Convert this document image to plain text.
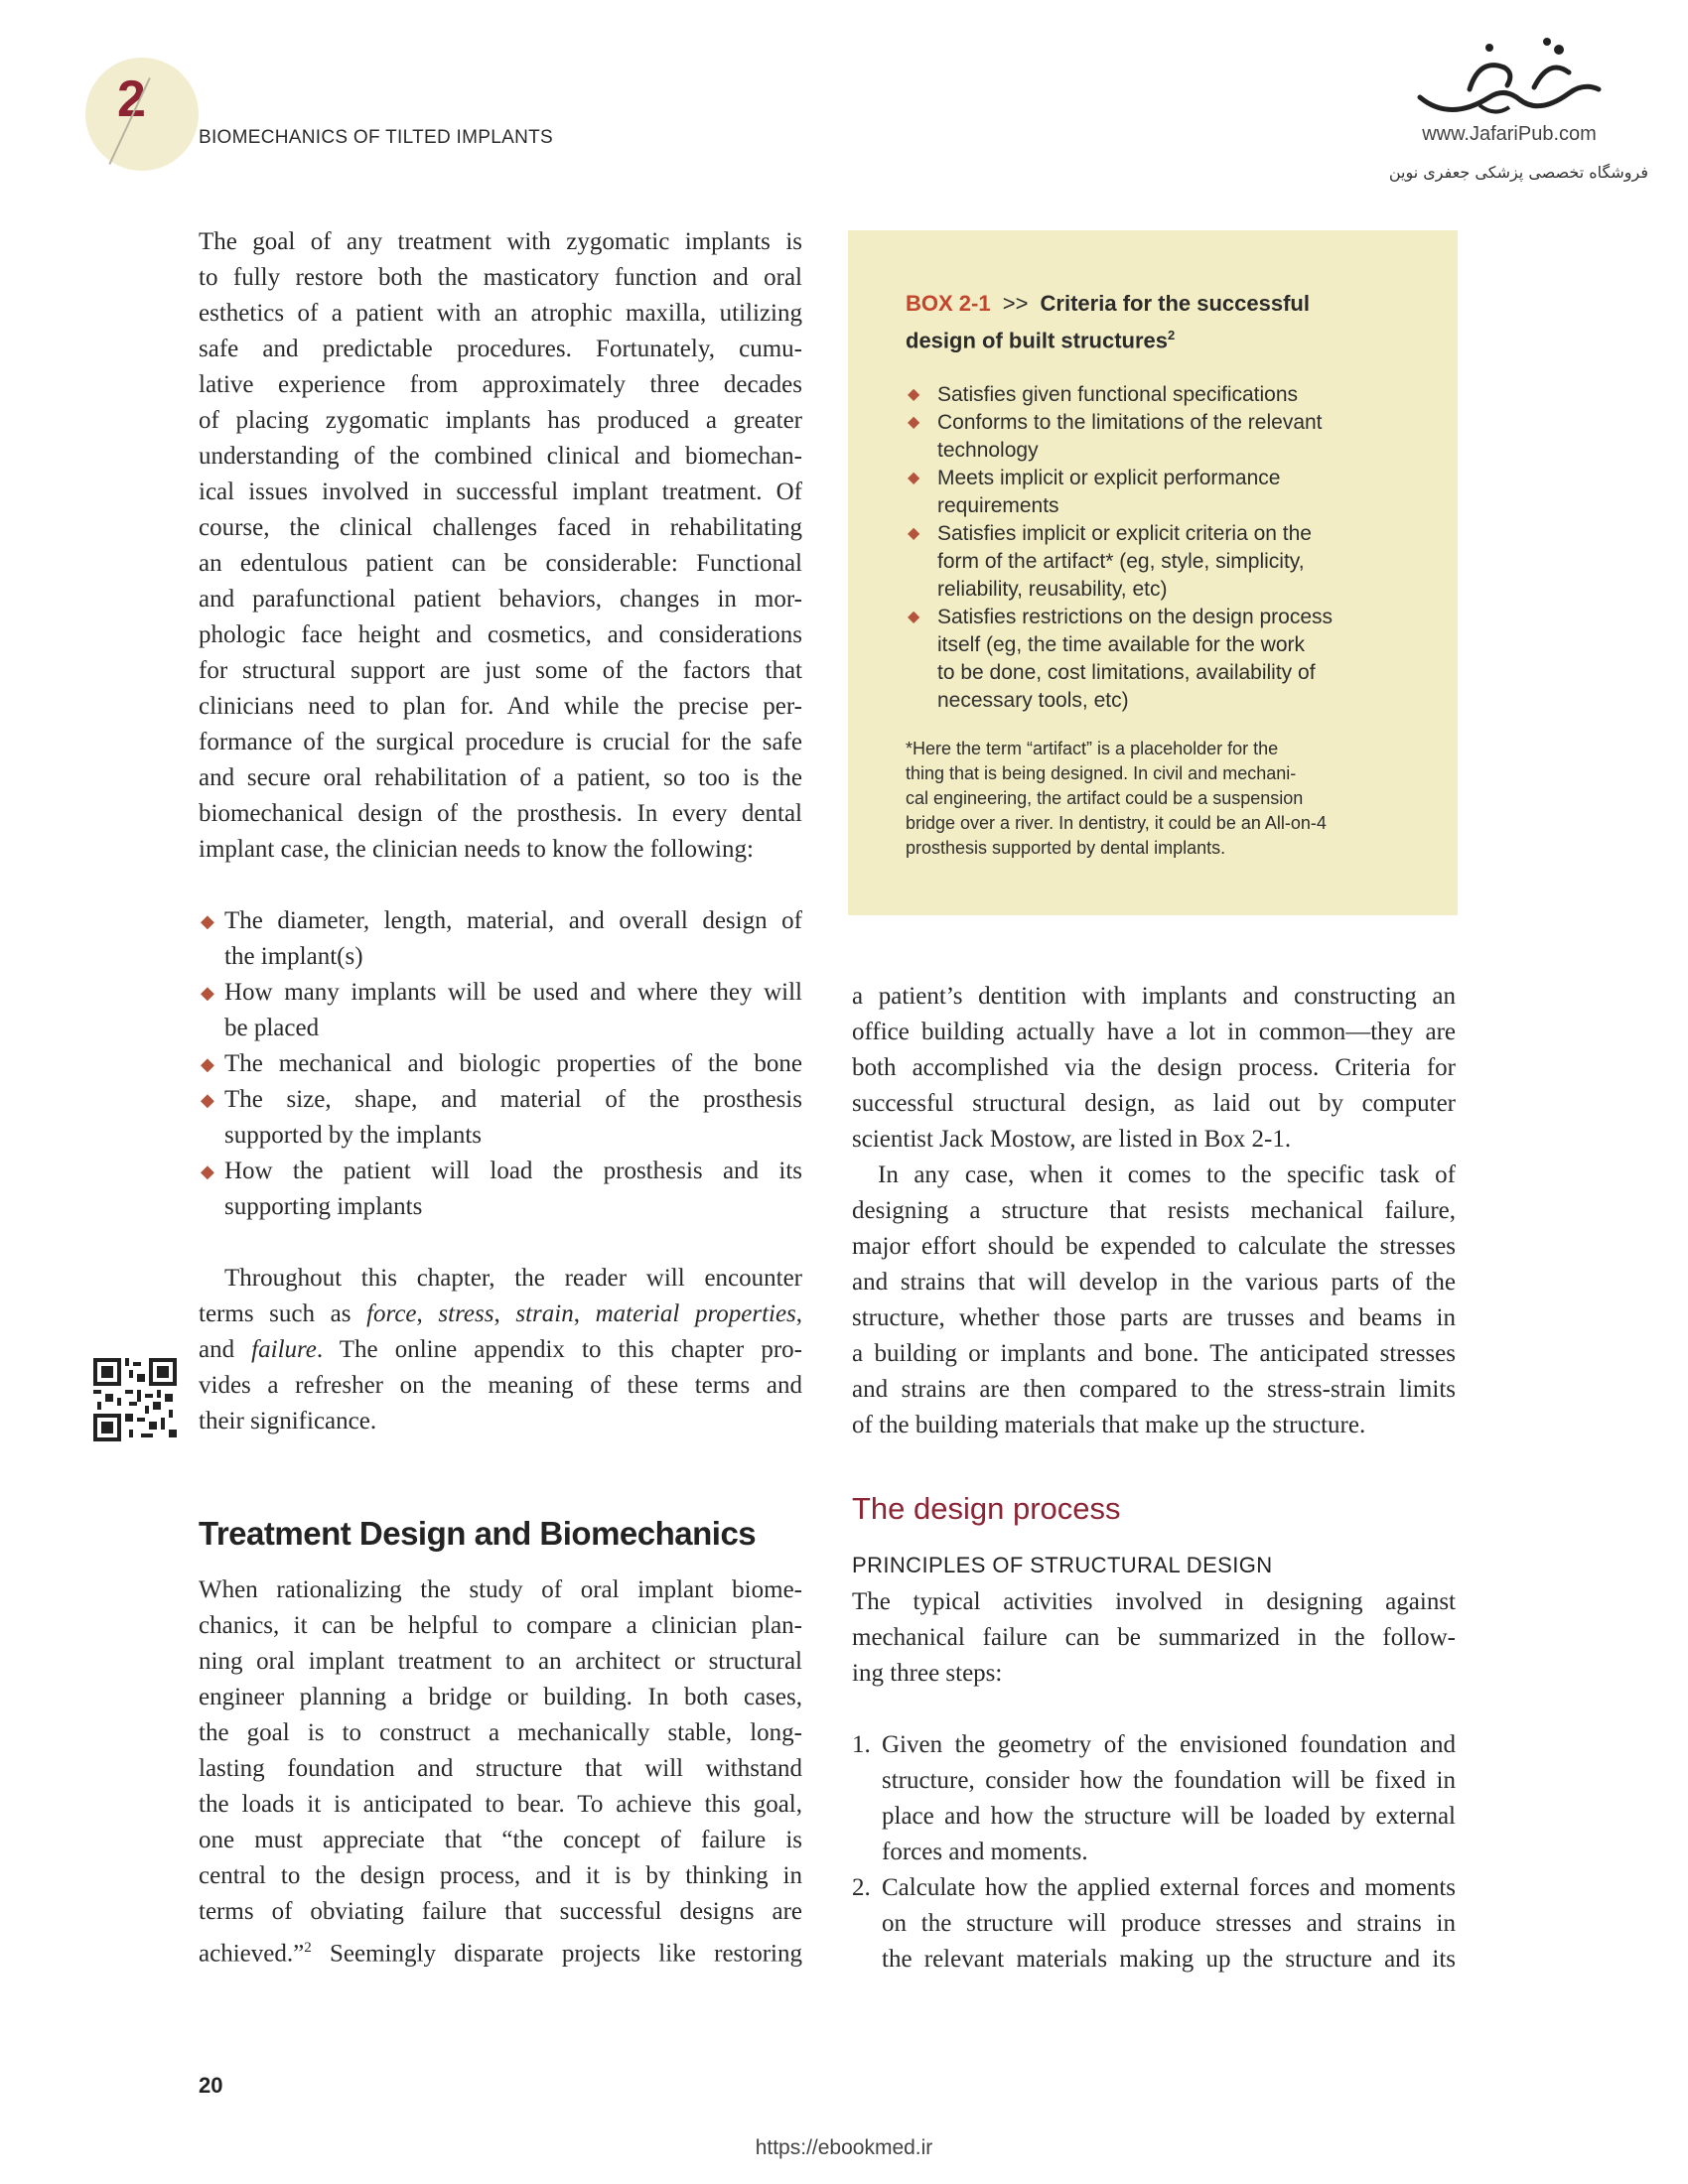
2
BIOMECHANICS OF TILTED IMPLANTS	www.JafariPub.com
فروشگاه تخصصی پزشکی جعفری نوین

The goal of any treatment with zygomatic implants is

to fully restore both the masticatory function and oral

esthetics of a patient with an atrophic maxilla, utilizing

safe and predictable procedures. Fortunately, cumu-

lative experience from approximately three decades

of placing zygomatic implants has produced a greater

understanding of the combined clinical and biomechan-

ical issues involved in successful implant treatment. Of

course, the clinical challenges faced in rehabilitating

an edentulous patient can be considerable: Functional

and parafunctional patient behaviors, changes in mor-

phologic face height and cosmetics, and considerations

for structural support are just some of the factors that

clinicians need to plan for. And while the precise per-

formance of the surgical procedure is crucial for the safe

and secure oral rehabilitation of a patient, so too is the

biomechanical design of the prosthesis. In every dental

implant case, the clinician needs to know the following:

◆ The diameter, length, material, and overall design of

the implant(s)

◆ How many implants will be used and where they will

be placed

◆ The mechanical and biologic properties of the bone

◆ The size, shape, and material of the prosthesis

supported by the implants

◆ How the patient will load the prosthesis and its

supporting implants

Throughout this chapter, the reader will encounter

terms such as force, stress, strain, material properties,

and failure. The online appendix to this chapter pro-

vides a refresher on the meaning of these terms and

their significance.

Treatment Design and Biomechanics

When rationalizing the study of oral implant biome-

chanics, it can be helpful to compare a clinician plan-

ning oral implant treatment to an architect or structural

engineer planning a bridge or building. In both cases,

the goal is to construct a mechanically stable, long-

lasting foundation and structure that will withstand

the loads it is anticipated to bear. To achieve this goal,

one must appreciate that “the concept of failure is

central to the design process, and it is by thinking in

terms of obviating failure that successful designs are

achieved.”$^2$ Seemingly disparate projects like restoring

BOX 2-1 >> Criteria for the successful
design of built structures$^2$
◆ Satisfies given functional specifications
◆ Conforms to the limitations of the relevant
technology
◆ Meets implicit or explicit performance
requirements
◆ Satisfies implicit or explicit criteria on the
form of the artifact* (eg, style, simplicity,
reliability, reusability, etc)
◆ Satisfies restrictions on the design process
itself (eg, the time available for the work
to be done, cost limitations, availability of
necessary tools, etc)
*Here the term “artifact” is a placeholder for the
thing that is being designed. In civil and mechani-
cal engineering, the artifact could be a suspension
bridge over a river. In dentistry, it could be an All-on-4
prosthesis supported by dental implants.

a patient’s dentition with implants and constructing an

office building actually have a lot in common—they are

both accomplished via the design process. Criteria for

successful structural design, as laid out by computer

scientist Jack Mostow, are listed in Box 2-1.

In any case, when it comes to the specific task of

designing a structure that resists mechanical failure,

major effort should be expended to calculate the stresses

and strains that will develop in the various parts of the

structure, whether those parts are trusses and beams in

a building or implants and bone. The anticipated stresses

and strains are then compared to the stress-strain limits

of the building materials that make up the structure.

The design process
PRINCIPLES OF STRUCTURAL DESIGN

The typical activities involved in designing against

mechanical failure can be summarized in the follow-

ing three steps:

1. Given the geometry of the envisioned foundation and

structure, consider how the foundation will be fixed in

place and how the structure will be loaded by external

forces and moments.

2. Calculate how the applied external forces and moments

on the structure will produce stresses and strains in

the relevant materials making up the structure and its

20
https://ebookmed.ir
